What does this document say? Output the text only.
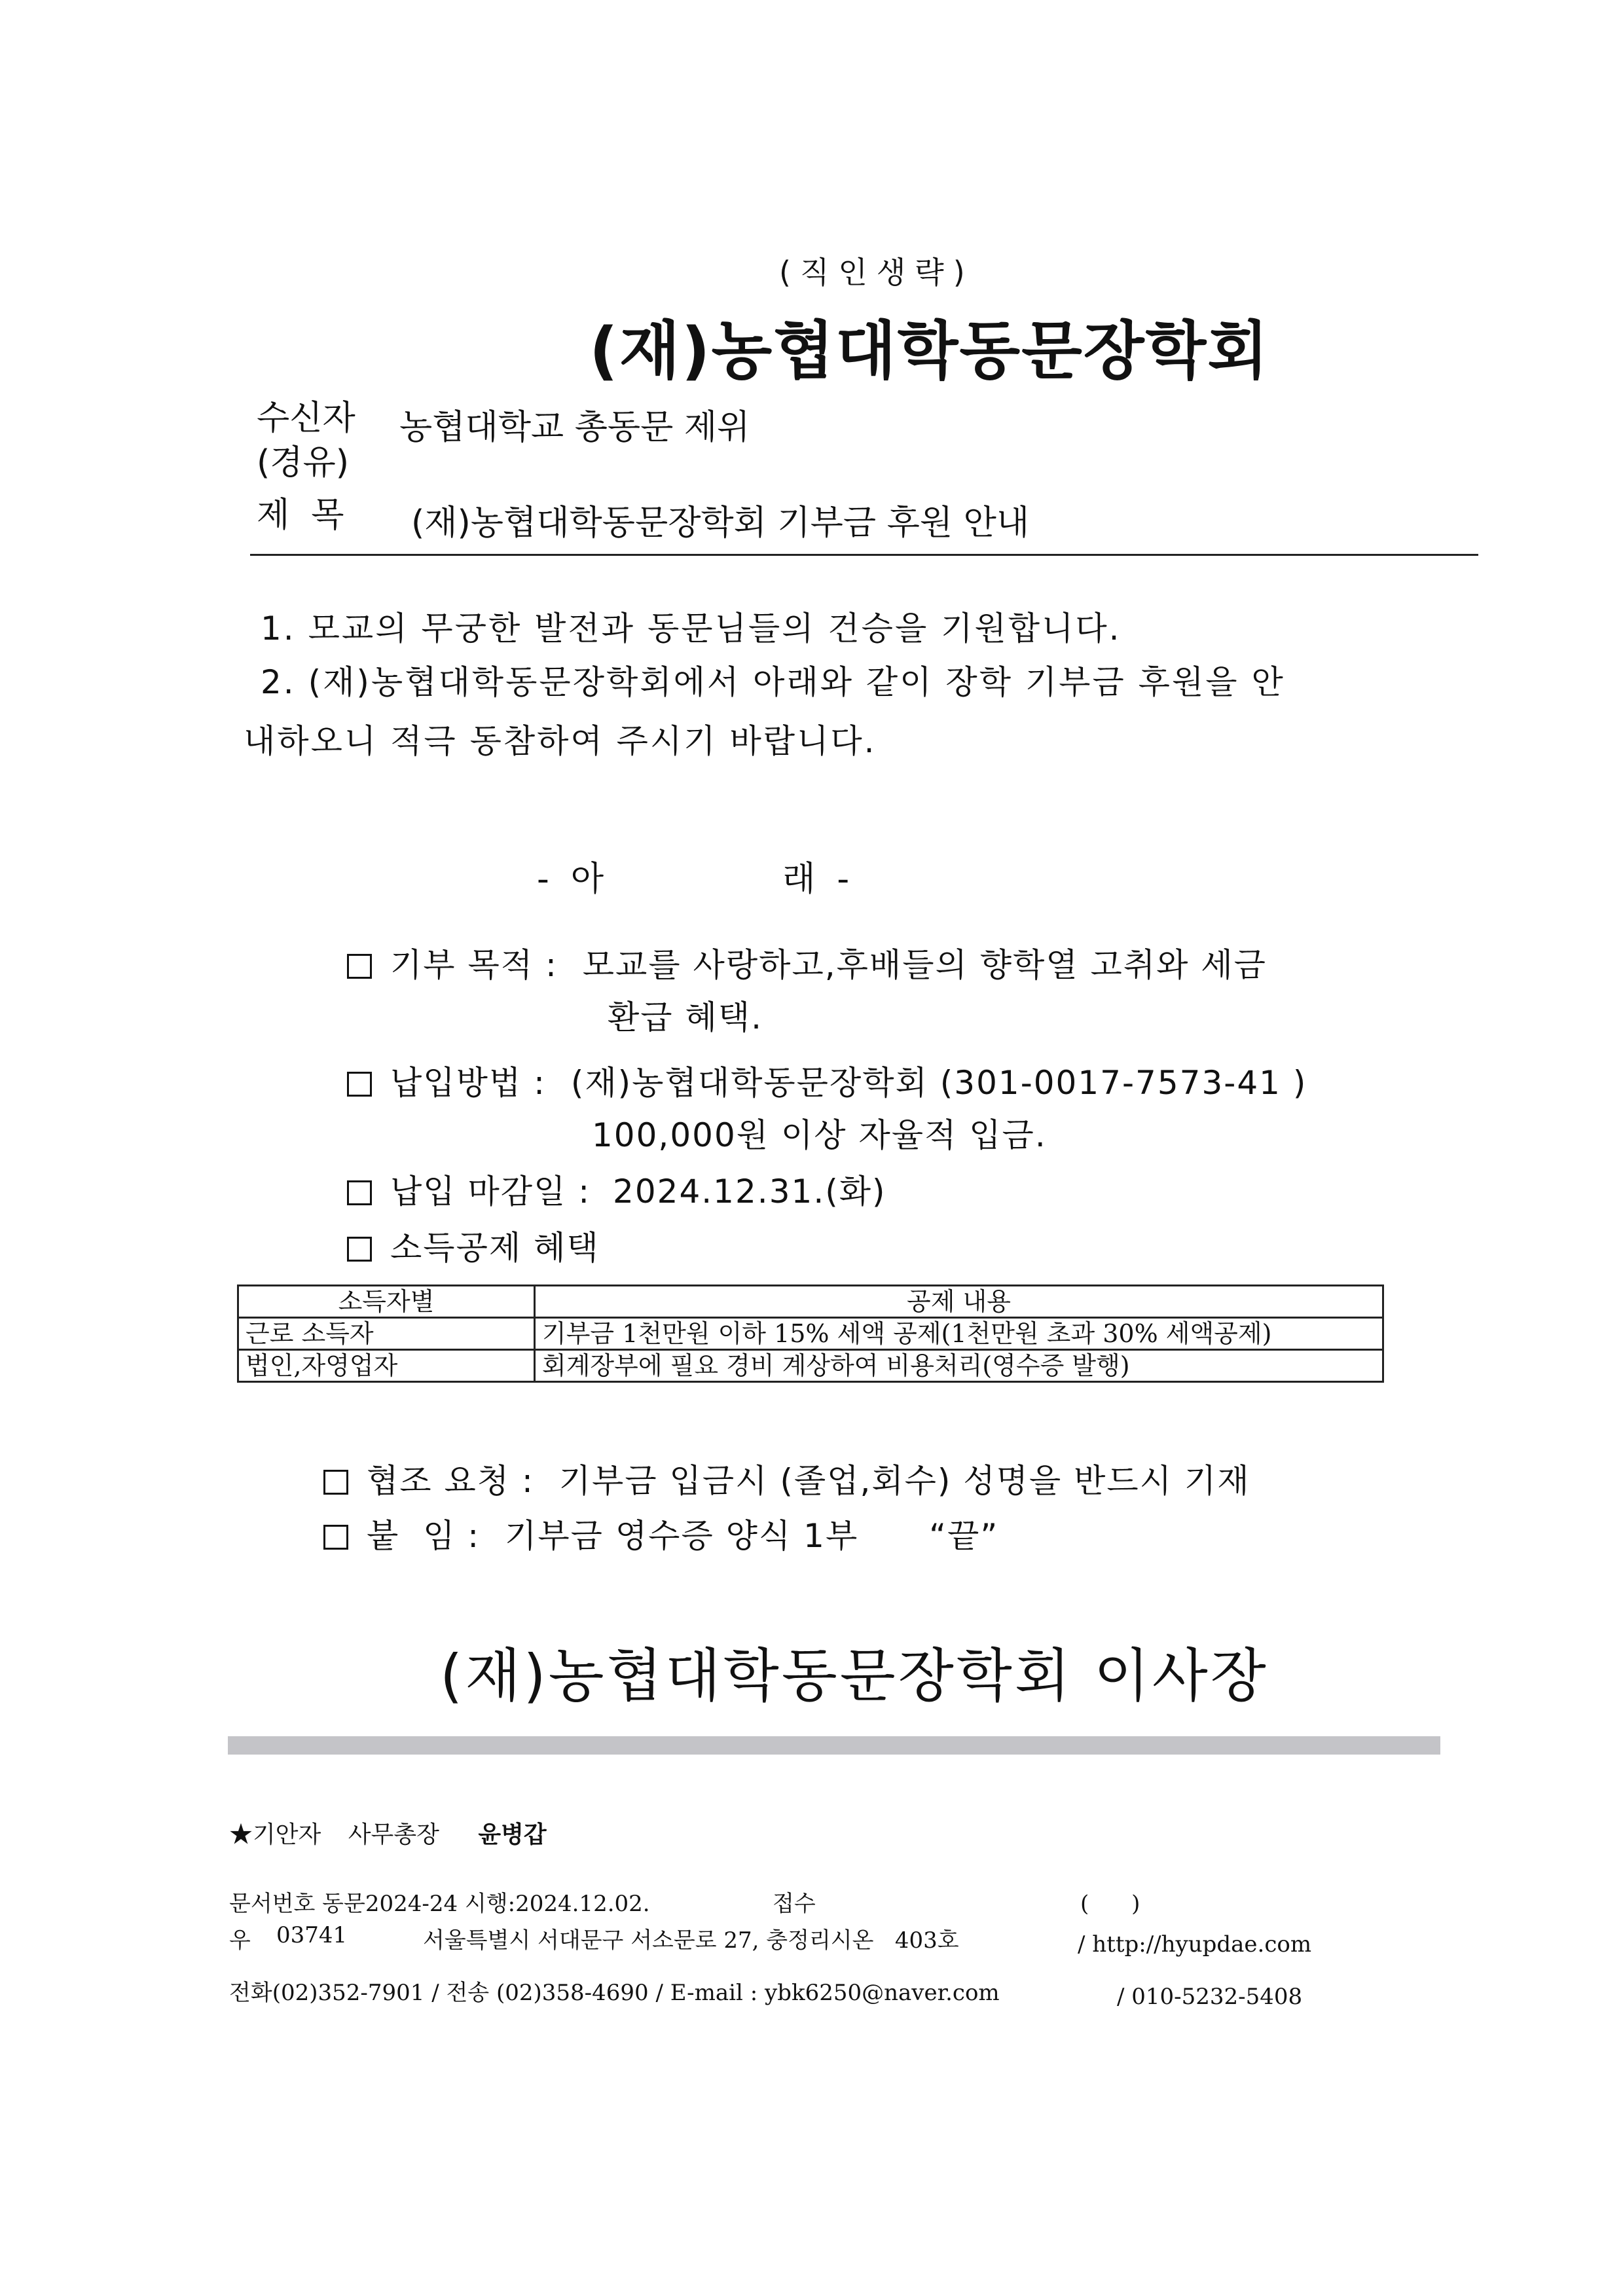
(직인생략)
(재)농협대학동문장학회
수신자 농협대학교 총동문 제위
(경유)
제  목 (재)농협대학동문장학회 기부금 후원 안내
1. 모교의 무궁한 발전과 동문님들의 건승을 기원합니다.
2. (재)농협대학동문장학회에서 아래와 같이 장학 기부금 후원을 안
내하오니 적극 동참하여 주시기 바랍니다.
-  아	래  -
기부 목적 : 모교를 사랑하고,후배들의 향학열 고취와 세금
환급 혜택.
납입방법 : (재)농협대학동문장학회 (301-0017-7573-41 )
100,000원 이상 자율적 입금.
납입 마감일 : 2024.12.31.(화)
소득공제 혜택
소득자별	공제 내용
근로 소득자	기부금 1천만원 이하 15% 세액 공제(1천만원 초과 30% 세액공제)
법인,자영업자	회계장부에 필요 경비 계상하여 비용처리(영수증 발행)
협조 요청 : 기부금 입금시 (졸업,회수) 성명을 반드시 기재
붙  임 : 기부금 영수증 양식 1부 “끝”
(재)농협대학동문장학회 이사장
★기안자 사무총장 윤병갑
문서번호 동문2024-24 시행:2024.12.02.	접수	(      )
우 03741	서울특별시 서대문구 서소문로 27, 충정리시온   403호	/ http://hyupdae.com
전화(02)352-7901 / 전송 (02)358-4690 / E-mail : ybk6250@naver.com	/ 010-5232-5408
